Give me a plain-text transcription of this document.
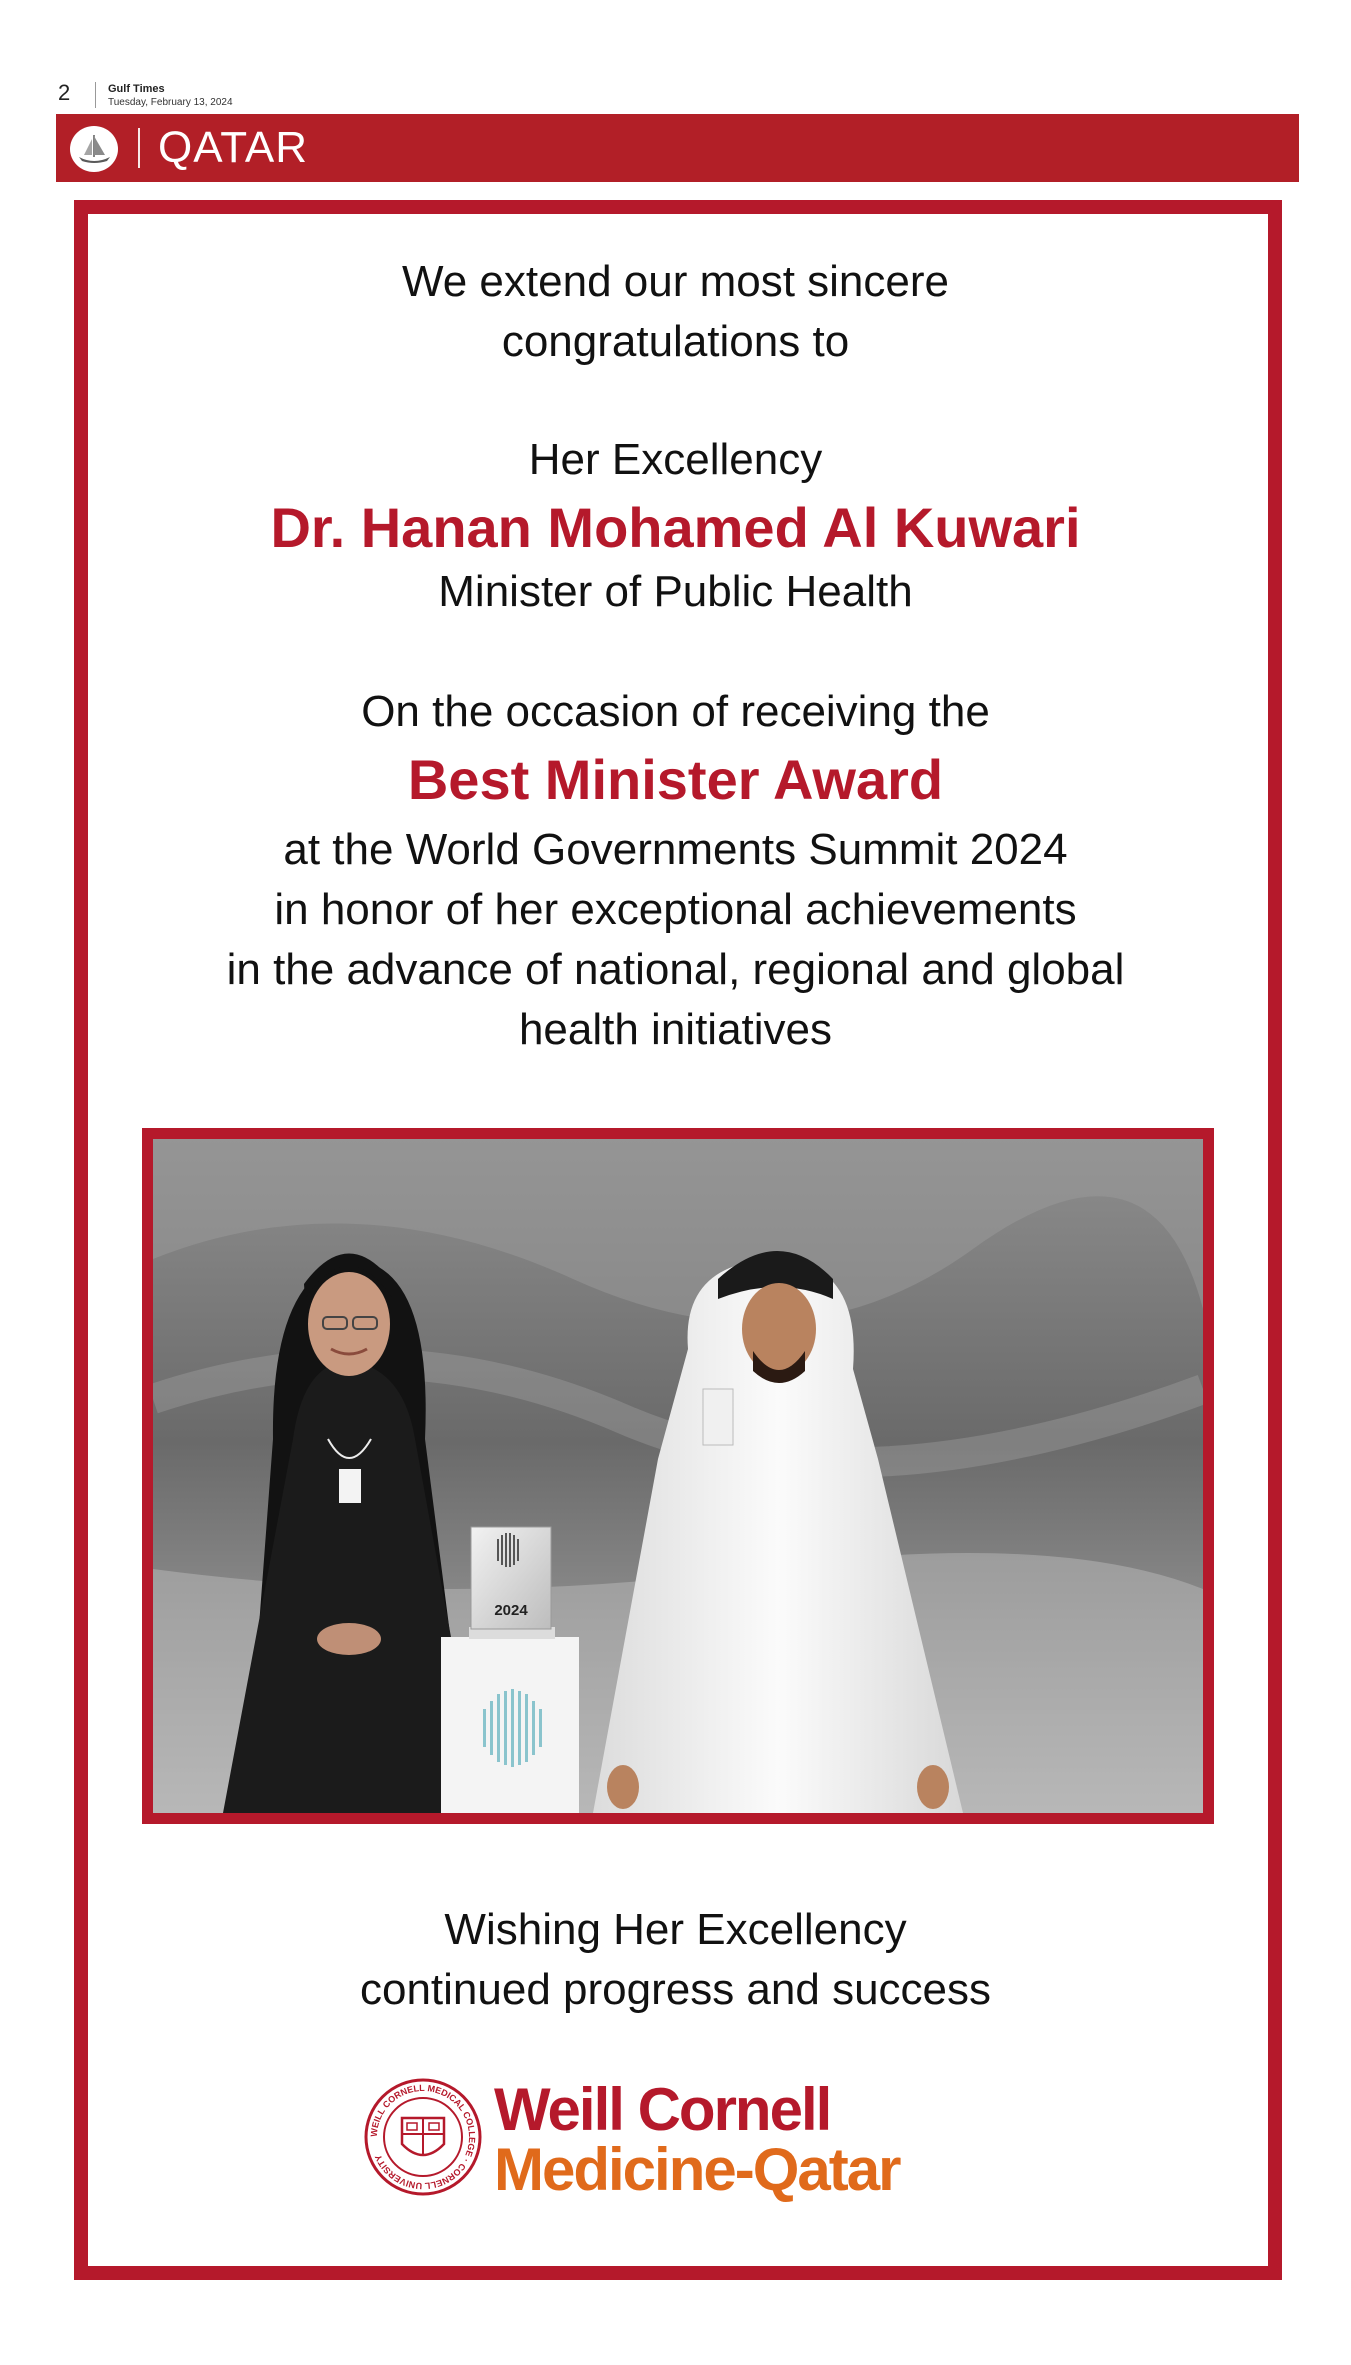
2	Gulf Times
Tuesday, February 13, 2024
QATAR
We extend our most sincere
congratulations to
Her Excellency
Dr. Hanan Mohamed Al Kuwari
Minister of Public Health
On the occasion of receiving the
Best Minister Award
at the World Governments Summit 2024
in honor of her exceptional achievements
in the advance of national, regional and global
health initiatives
2024
Wishing Her Excellency
continued progress and success
WEILL CORNELL MEDICAL COLLEGE · CORNELL UNIVERSITY
Weill Cornell
Medicine-Qatar
